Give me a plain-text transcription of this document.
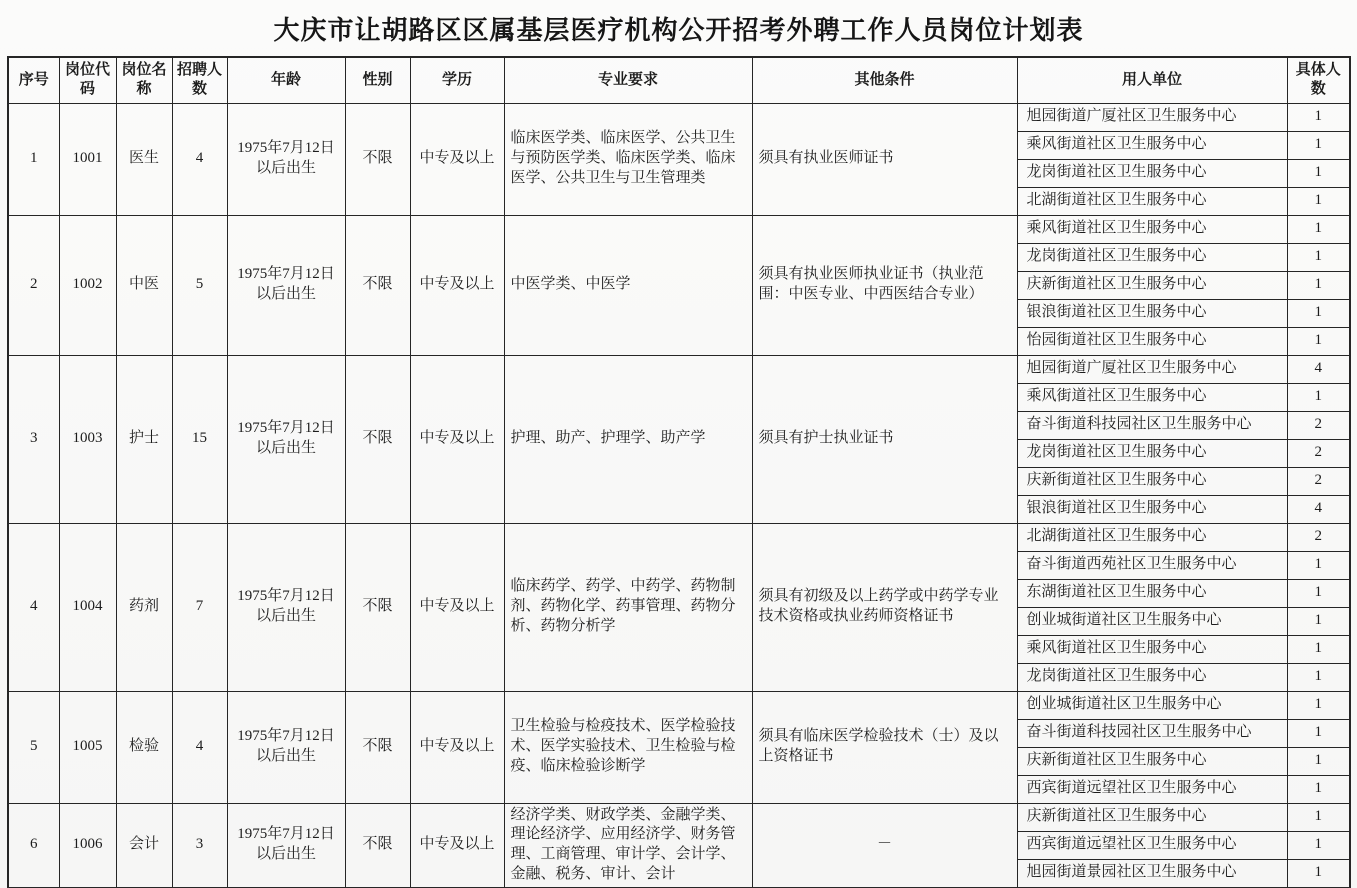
大庆市让胡路区区属基层医疗机构公开招考外聘工作人员岗位计划表
序号	岗位代码	岗位名称	招聘人数	年龄	性别	学历	专业要求	其他条件	用人单位	具体人数
1	1001	医生	4	1975年7月12日以后出生	不限	中专及以上	临床医学类、临床医学、公共卫生与预防医学类、临床医学类、临床医学、公共卫生与卫生管理类	须具有执业医师证书	旭园街道广厦社区卫生服务中心	1
									乘风街道社区卫生服务中心	1
									龙岗街道社区卫生服务中心	1
									北湖街道社区卫生服务中心	1
2	1002	中医	5	1975年7月12日以后出生	不限	中专及以上	中医学类、中医学	须具有执业医师执业证书（执业范围：中医专业、中西医结合专业）	乘风街道社区卫生服务中心	1
									龙岗街道社区卫生服务中心	1
									庆新街道社区卫生服务中心	1
									银浪街道社区卫生服务中心	1
									怡园街道社区卫生服务中心	1
3	1003	护士	15	1975年7月12日以后出生	不限	中专及以上	护理、助产、护理学、助产学	须具有护士执业证书	旭园街道广厦社区卫生服务中心	4
									乘风街道社区卫生服务中心	1
									奋斗街道科技园社区卫生服务中心	2
									龙岗街道社区卫生服务中心	2
									庆新街道社区卫生服务中心	2
									银浪街道社区卫生服务中心	4
4	1004	药剂	7	1975年7月12日以后出生	不限	中专及以上	临床药学、药学、中药学、药物制剂、药物化学、药事管理、药物分析、药物分析学	须具有初级及以上药学或中药学专业技术资格或执业药师资格证书	北湖街道社区卫生服务中心	2
									奋斗街道西苑社区卫生服务中心	1
									东湖街道社区卫生服务中心	1
									创业城街道社区卫生服务中心	1
									乘风街道社区卫生服务中心	1
									龙岗街道社区卫生服务中心	1
5	1005	检验	4	1975年7月12日以后出生	不限	中专及以上	卫生检验与检疫技术、医学检验技术、医学实验技术、卫生检验与检疫、临床检验诊断学	须具有临床医学检验技术（士）及以上资格证书	创业城街道社区卫生服务中心	1
									奋斗街道科技园社区卫生服务中心	1
									庆新街道社区卫生服务中心	1
									西宾街道远望社区卫生服务中心	1
6	1006	会计	3	1975年7月12日以后出生	不限	中专及以上	经济学类、财政学类、金融学类、理论经济学、应用经济学、财务管理、工商管理、审计学、会计学、金融、税务、审计、会计	－	庆新街道社区卫生服务中心	1
									西宾街道远望社区卫生服务中心	1
									旭园街道景园社区卫生服务中心	1
